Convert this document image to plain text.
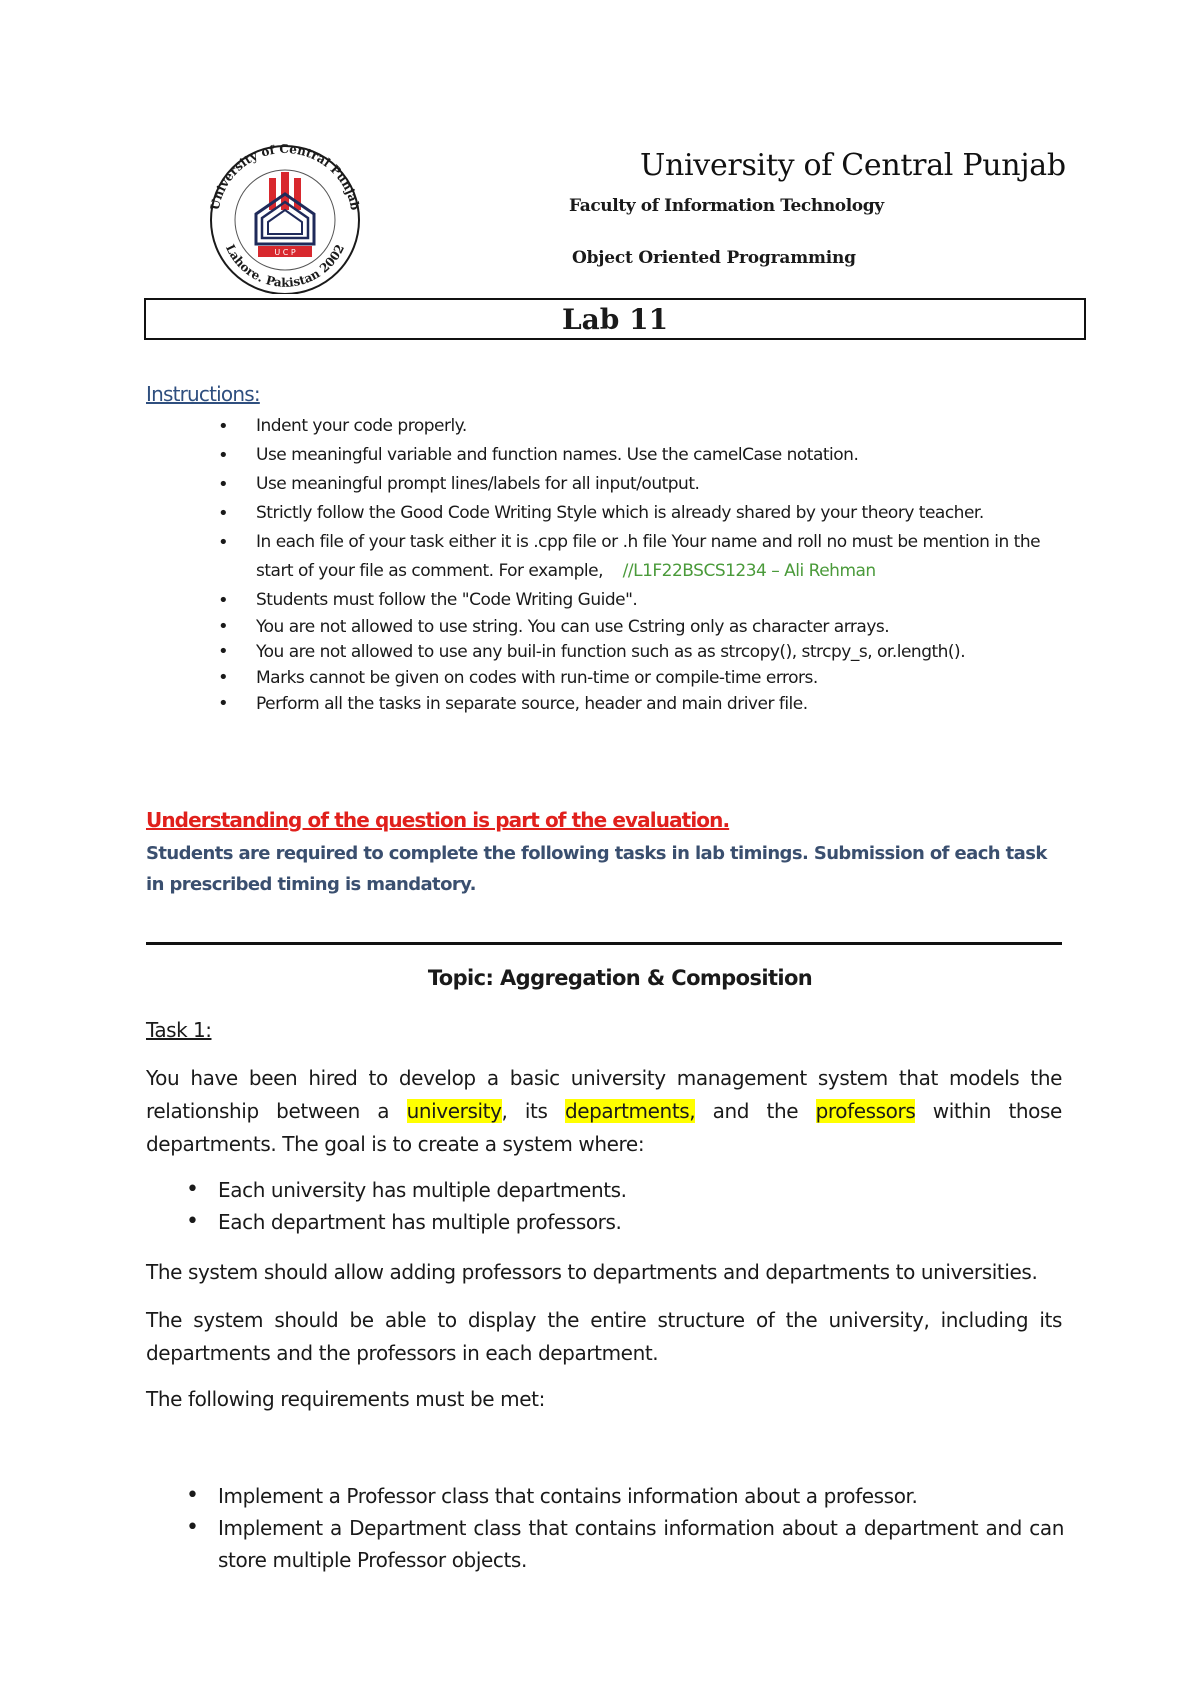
University of Central Punjab
Lahore. Pakistan 2002
U C P
University of Central Punjab
Faculty of Information Technology
Object Oriented Programming
Lab 11
Instructions:
• Indent your code properly.
• Use meaningful variable and function names. Use the camelCase notation.
• Use meaningful prompt lines/labels for all input/output.
• Strictly follow the Good Code Writing Style which is already shared by your theory teacher.
• In each file of your task either it is .cpp file or .h file Your name and roll no must be mention in the start of your file as comment. For example, //L1F22BSCS1234 – Ali Rehman
• Students must follow the "Code Writing Guide".
• You are not allowed to use string. You can use Cstring only as character arrays.
• You are not allowed to use any buil-in function such as as strcopy(), strcpy_s, or.length().
• Marks cannot be given on codes with run-time or compile-time errors.
• Perform all the tasks in separate source, header and main driver file.
Understanding of the question is part of the evaluation.
Students are required to complete the following tasks in lab timings. Submission of each task in prescribed timing is mandatory.
Topic: Aggregation & Composition
Task 1:
You have been hired to develop a basic university management system that models the relationship between a university, its departments, and the professors within those departments. The goal is to create a system where:
• Each university has multiple departments.
• Each department has multiple professors.
The system should allow adding professors to departments and departments to universities.
The system should be able to display the entire structure of the university, including its departments and the professors in each department.
The following requirements must be met:
• Implement a Professor class that contains information about a professor.
• Implement a Department class that contains information about a department and can store multiple Professor objects.
